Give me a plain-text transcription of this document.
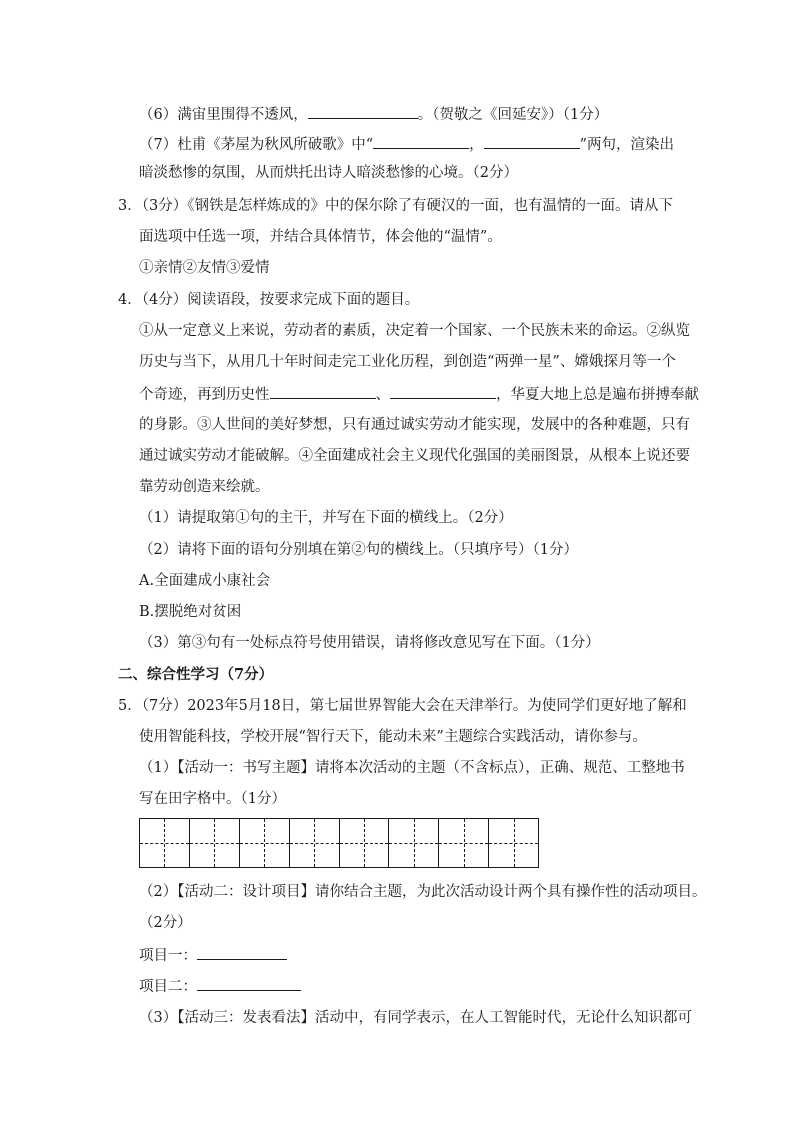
（6）满宙里围得不透风，	。（贺敬之《回延安》）（1分）
（7）杜甫《茅屋为秋风所破歌》中“	，	”两句，渲染出
暗淡愁惨的氛围，从而烘托出诗人暗淡愁惨的心境。（2分）
3．（3分）《钢铁是怎样炼成的》中的保尔除了有硬汉的一面，也有温情的一面。请从下
面选项中任选一项，并结合具体情节，体会他的“温情”。
①亲情②友情③爱情
4．（4分）阅读语段，按要求完成下面的题目。
①从一定意义上来说，劳动者的素质，决定着一个国家、一个民族未来的命运。②纵览
历史与当下，从用几十年时间走完工业化历程，到创造“两弹一星”、嫦娥探月等一个
个奇迹，再到历史性	、	，华夏大地上总是遍布拼搏奉献
的身影。③人世间的美好梦想，只有通过诚实劳动才能实现，发展中的各种难题，只有
通过诚实劳动才能破解。④全面建成社会主义现代化强国的美丽图景，从根本上说还要
靠劳动创造来绘就。
（1）请提取第①句的主干，并写在下面的横线上。（2分）
（2）请将下面的语句分别填在第②句的横线上。（只填序号）（1分）
A.全面建成小康社会
B.摆脱绝对贫困
（3）第③句有一处标点符号使用错误，请将修改意见写在下面。（1分）
二、综合性学习（7分）
5．（7分）2023年5月18日，第七届世界智能大会在天津举行。为使同学们更好地了解和
使用智能科技，学校开展“智行天下，能动未来”主题综合实践活动，请你参与。
（1）【活动一：书写主题】请将本次活动的主题（不含标点），正确、规范、工整地书
写在田字格中。（1分）
（2）【活动二：设计项目】请你结合主题，为此次活动设计两个具有操作性的活动项目。
（2分）
项目一：
项目二：
（3）【活动三：发表看法】活动中，有同学表示，在人工智能时代，无论什么知识都可
